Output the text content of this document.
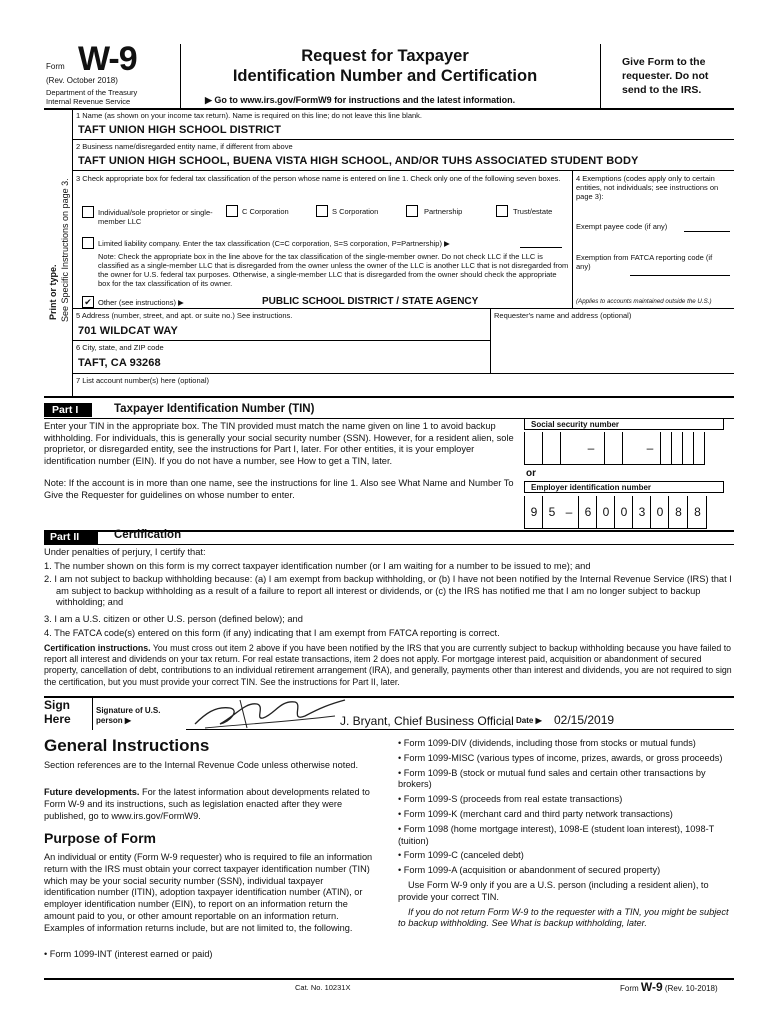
Form W-9
(Rev. October 2018)
Department of the Treasury
Internal Revenue Service
Request for Taxpayer
Identification Number and Certification
▶ Go to www.irs.gov/FormW9 for instructions and the latest information.
Give Form to the requester. Do not send to the IRS.
Print or type. See Specific Instructions on page 3.
1 Name (as shown on your income tax return). Name is required on this line; do not leave this line blank.
TAFT UNION HIGH SCHOOL DISTRICT
2 Business name/disregarded entity name, if different from above
TAFT UNION HIGH SCHOOL, BUENA VISTA HIGH SCHOOL, AND/OR TUHS ASSOCIATED STUDENT BODY
3 Check appropriate box for federal tax classification of the person whose name is entered on line 1. Check only one of the following seven boxes.
Individual/sole proprietor or single-member LLC
C Corporation	S Corporation	Partnership	Trust/estate
Limited liability company. Enter the tax classification (C=C corporation, S=S corporation, P=Partnership) ▶
Note: Check the appropriate box in the line above for the tax classification of the single-member owner. Do not check LLC if the LLC is classified as a single-member LLC that is disregarded from the owner unless the owner of the LLC is another LLC that is not disregarded from the owner for U.S. federal tax purposes. Otherwise, a single-member LLC that is disregarded from the owner should check the appropriate box for the tax classification of its owner.
✔ Other (see instructions) ▶	PUBLIC SCHOOL DISTRICT / STATE AGENCY
4 Exemptions (codes apply only to certain entities, not individuals; see instructions on page 3):
Exempt payee code (if any)
Exemption from FATCA reporting code (if any)
(Applies to accounts maintained outside the U.S.)
5 Address (number, street, and apt. or suite no.) See instructions.
701 WILDCAT WAY
Requester's name and address (optional)
6 City, state, and ZIP code
TAFT, CA 93268
7 List account number(s) here (optional)
Part I	Taxpayer Identification Number (TIN)
Enter your TIN in the appropriate box. The TIN provided must match the name given on line 1 to avoid backup withholding. For individuals, this is generally your social security number (SSN). However, for a resident alien, sole proprietor, or disregarded entity, see the instructions for Part I, later. For other entities, it is your employer identification number (EIN). If you do not have a number, see How to get a TIN, later.
Note: If the account is in more than one name, see the instructions for line 1. Also see What Name and Number To Give the Requester for guidelines on whose number to enter.
Social security number
–	–
or
Employer identification number
9 5 –	6 0 0 3 0 8	8
Part II	Certification
Under penalties of perjury, I certify that:
1. The number shown on this form is my correct taxpayer identification number (or I am waiting for a number to be issued to me); and
2. I am not subject to backup withholding because: (a) I am exempt from backup withholding, or (b) I have not been notified by the Internal Revenue Service (IRS) that I am subject to backup withholding as a result of a failure to report all interest or dividends, or (c) the IRS has notified me that I am no longer subject to backup withholding; and
3. I am a U.S. citizen or other U.S. person (defined below); and
4. The FATCA code(s) entered on this form (if any) indicating that I am exempt from FATCA reporting is correct.
Certification instructions. You must cross out item 2 above if you have been notified by the IRS that you are currently subject to backup withholding because you have failed to report all interest and dividends on your tax return. For real estate transactions, item 2 does not apply. For mortgage interest paid, acquisition or abandonment of secured property, cancellation of debt, contributions to an individual retirement arrangement (IRA), and generally, payments other than interest and dividends, you are not required to sign the certification, but you must provide your correct TIN. See the instructions for Part II, later.
Sign Here
Signature of U.S. person ▶	J. Bryant, Chief Business Official Date ▶ 02/15/2019
General Instructions
Section references are to the Internal Revenue Code unless otherwise noted.
Future developments. For the latest information about developments related to Form W-9 and its instructions, such as legislation enacted after they were published, go to www.irs.gov/FormW9.
Purpose of Form
An individual or entity (Form W-9 requester) who is required to file an information return with the IRS must obtain your correct taxpayer identification number (TIN) which may be your social security number (SSN), individual taxpayer identification number (ITIN), adoption taxpayer identification number (ATIN), or employer identification number (EIN), to report on an information return the amount paid to you, or other amount reportable on an information return. Examples of information returns include, but are not limited to, the following.
• Form 1099-INT (interest earned or paid)
• Form 1099-DIV (dividends, including those from stocks or mutual funds)
• Form 1099-MISC (various types of income, prizes, awards, or gross proceeds)
• Form 1099-B (stock or mutual fund sales and certain other transactions by brokers)
• Form 1099-S (proceeds from real estate transactions)
• Form 1099-K (merchant card and third party network transactions)
• Form 1098 (home mortgage interest), 1098-E (student loan interest), 1098-T (tuition)
• Form 1099-C (canceled debt)
• Form 1099-A (acquisition or abandonment of secured property)
Use Form W-9 only if you are a U.S. person (including a resident alien), to provide your correct TIN.
If you do not return Form W-9 to the requester with a TIN, you might be subject to backup withholding. See What is backup withholding, later.
Cat. No. 10231X	Form W-9 (Rev. 10-2018)
